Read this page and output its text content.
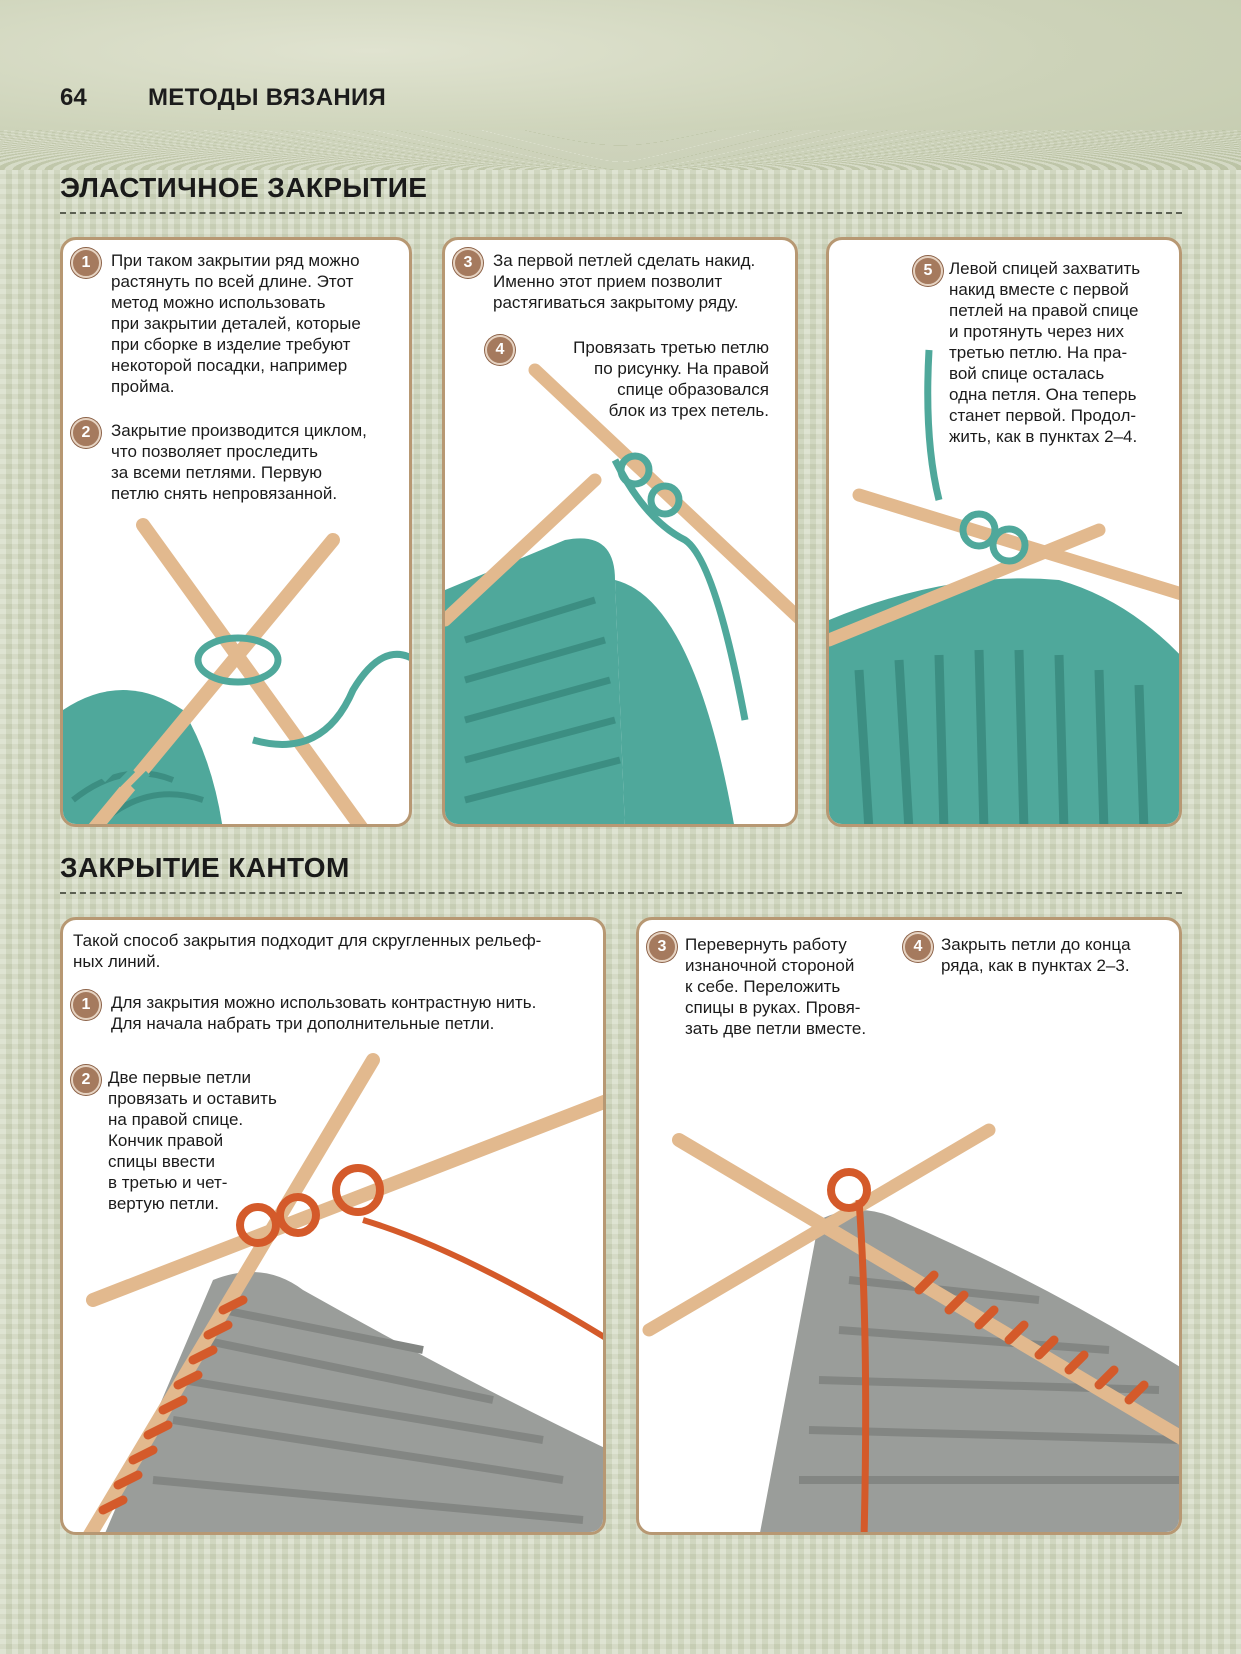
64	МЕТОДЫ ВЯЗАНИЯ
ЭЛАСТИЧНОЕ ЗАКРЫТИЕ
1	При таком закрытии ряд можно
растянуть по всей длине. Этот
метод можно использовать
при закрытии деталей, которые
при сборке в изделие требуют
некоторой посадки, например
пройма.
2	Закрытие производится циклом,
что позволяет проследить
за всеми петлями. Первую
петлю снять непровязанной.
3	За первой петлей сделать накид.
Именно этот прием позволит
растягиваться закрытому ряду.
4	Провязать третью петлю
по рисунку. На правой
спице образовался
блок из трех петель.
5 Левой спицей захватить
накид вместе с первой
петлей на правой спице
и протянуть через них
третью петлю. На пра-
вой спице осталась
одна петля. Она теперь
станет первой. Продол-
жить, как в пунктах 2–4.
ЗАКРЫТИЕ КАНТОМ
Такой способ закрытия подходит для скругленных рельеф-
ных линий.
1	Для закрытия можно использовать контрастную нить.
Для начала набрать три дополнительные петли.
2	Две первые петли
провязать и оставить
на правой спице.
Кончик правой
спицы ввести
в третью и чет-
вертую петли.
3	Перевернуть работу
изнаночной стороной
к себе. Переложить
спицы в руках. Провя-
зать две петли вместе.
4	Закрыть петли до конца
ряда, как в пунктах 2–3.
